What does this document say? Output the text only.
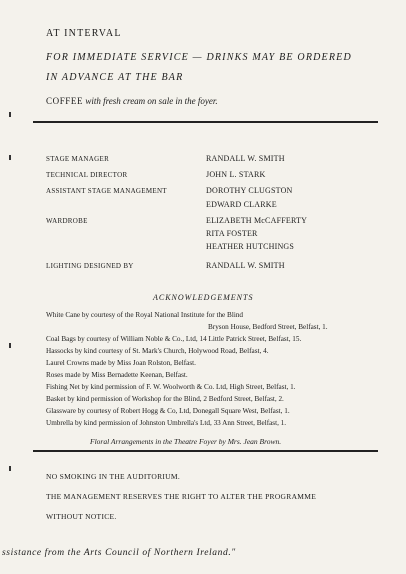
AT INTERVAL
FOR IMMEDIATE SERVICE — DRINKS MAY BE ORDERED
IN ADVANCE AT THE BAR
COFFEE with fresh cream on sale in the foyer.
STAGE MANAGER	RANDALL W. SMITH
TECHNICAL DIRECTOR	JOHN L. STARK
ASSISTANT STAGE MANAGEMENT	DOROTHY CLUGSTON
EDWARD CLARKE
WARDROBE	ELIZABETH McCAFFERTY
RITA FOSTER
HEATHER HUTCHINGS
LIGHTING DESIGNED BY	RANDALL W. SMITH
ACKNOWLEDGEMENTS
White Cane by courtesy of the Royal National Institute for the Blind
Bryson House, Bedford Street, Belfast, 1.
Coal Bags by courtesy of William Noble & Co., Ltd, 14 Little Patrick Street, Belfast, 15.
Hassocks by kind courtesy of St. Mark's Church, Holywood Road, Belfast, 4.
Laurel Crowns made by Miss Joan Rolston, Belfast.
Roses made by Miss Bernadette Keenan, Belfast.
Fishing Net by kind permission of F. W. Woolworth & Co. Ltd, High Street, Belfast, 1.
Basket by kind permission of Workshop for the Blind, 2 Bedford Street, Belfast, 2.
Glassware by courtesy of Robert Hogg & Co, Ltd, Donegall Square West, Belfast, 1.
Umbrella by kind permission of Johnston Umbrella's Ltd, 33 Ann Street, Belfast, 1.
Floral Arrangements in the Theatre Foyer by Mrs. Jean Brown.
NO SMOKING IN THE AUDITORIUM.
THE MANAGEMENT RESERVES THE RIGHT TO ALTER THE PROGRAMME
WITHOUT NOTICE.
ssistance from the Arts Council of Northern Ireland."
